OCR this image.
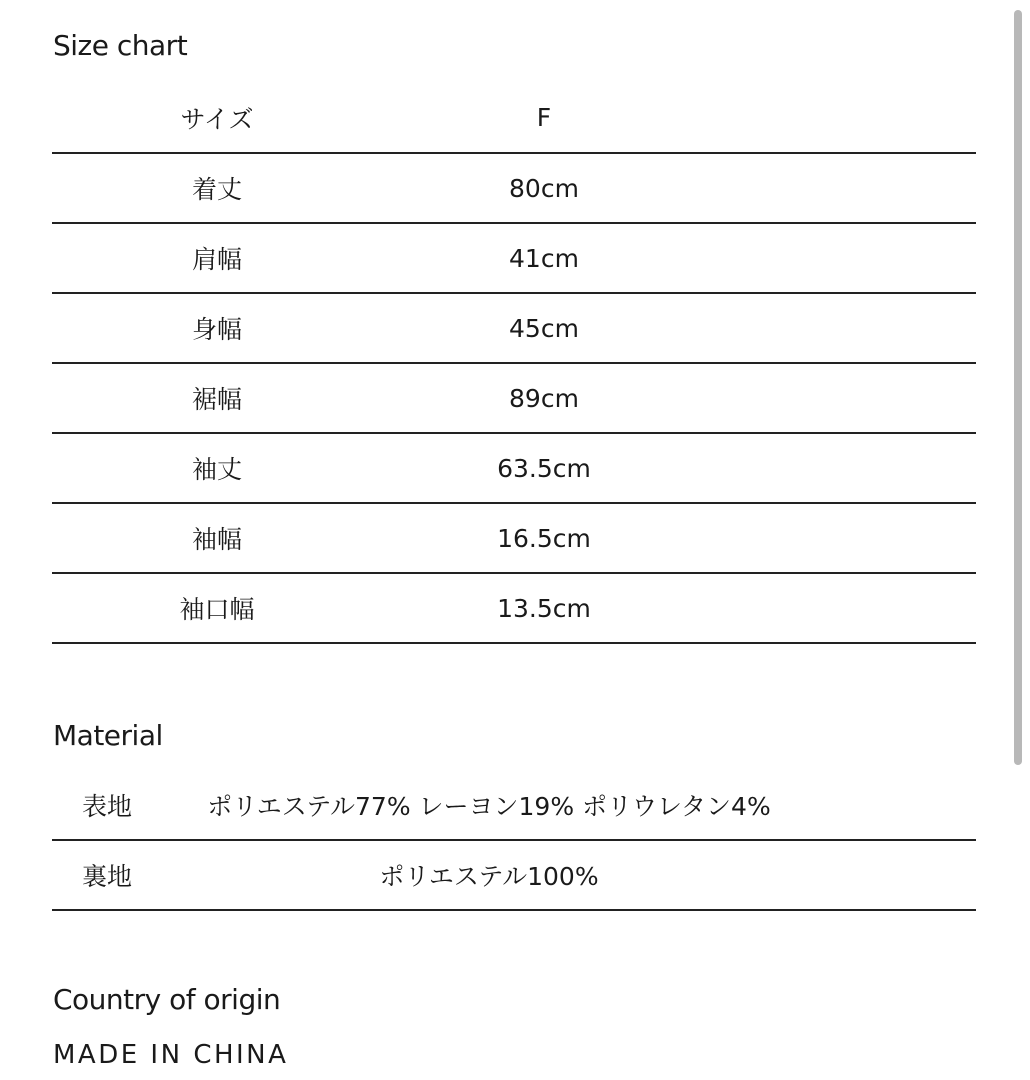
Size chart
サイズ	F
着丈	80cm
肩幅	41cm
身幅	45cm
裾幅	89cm
袖丈	63.5cm
袖幅	16.5cm
袖口幅	13.5cm
Material
表地	ポリエステル77% レーヨン19% ポリウレタン4%
裏地	ポリエステル100%
Country of origin
MADE IN CHINA
